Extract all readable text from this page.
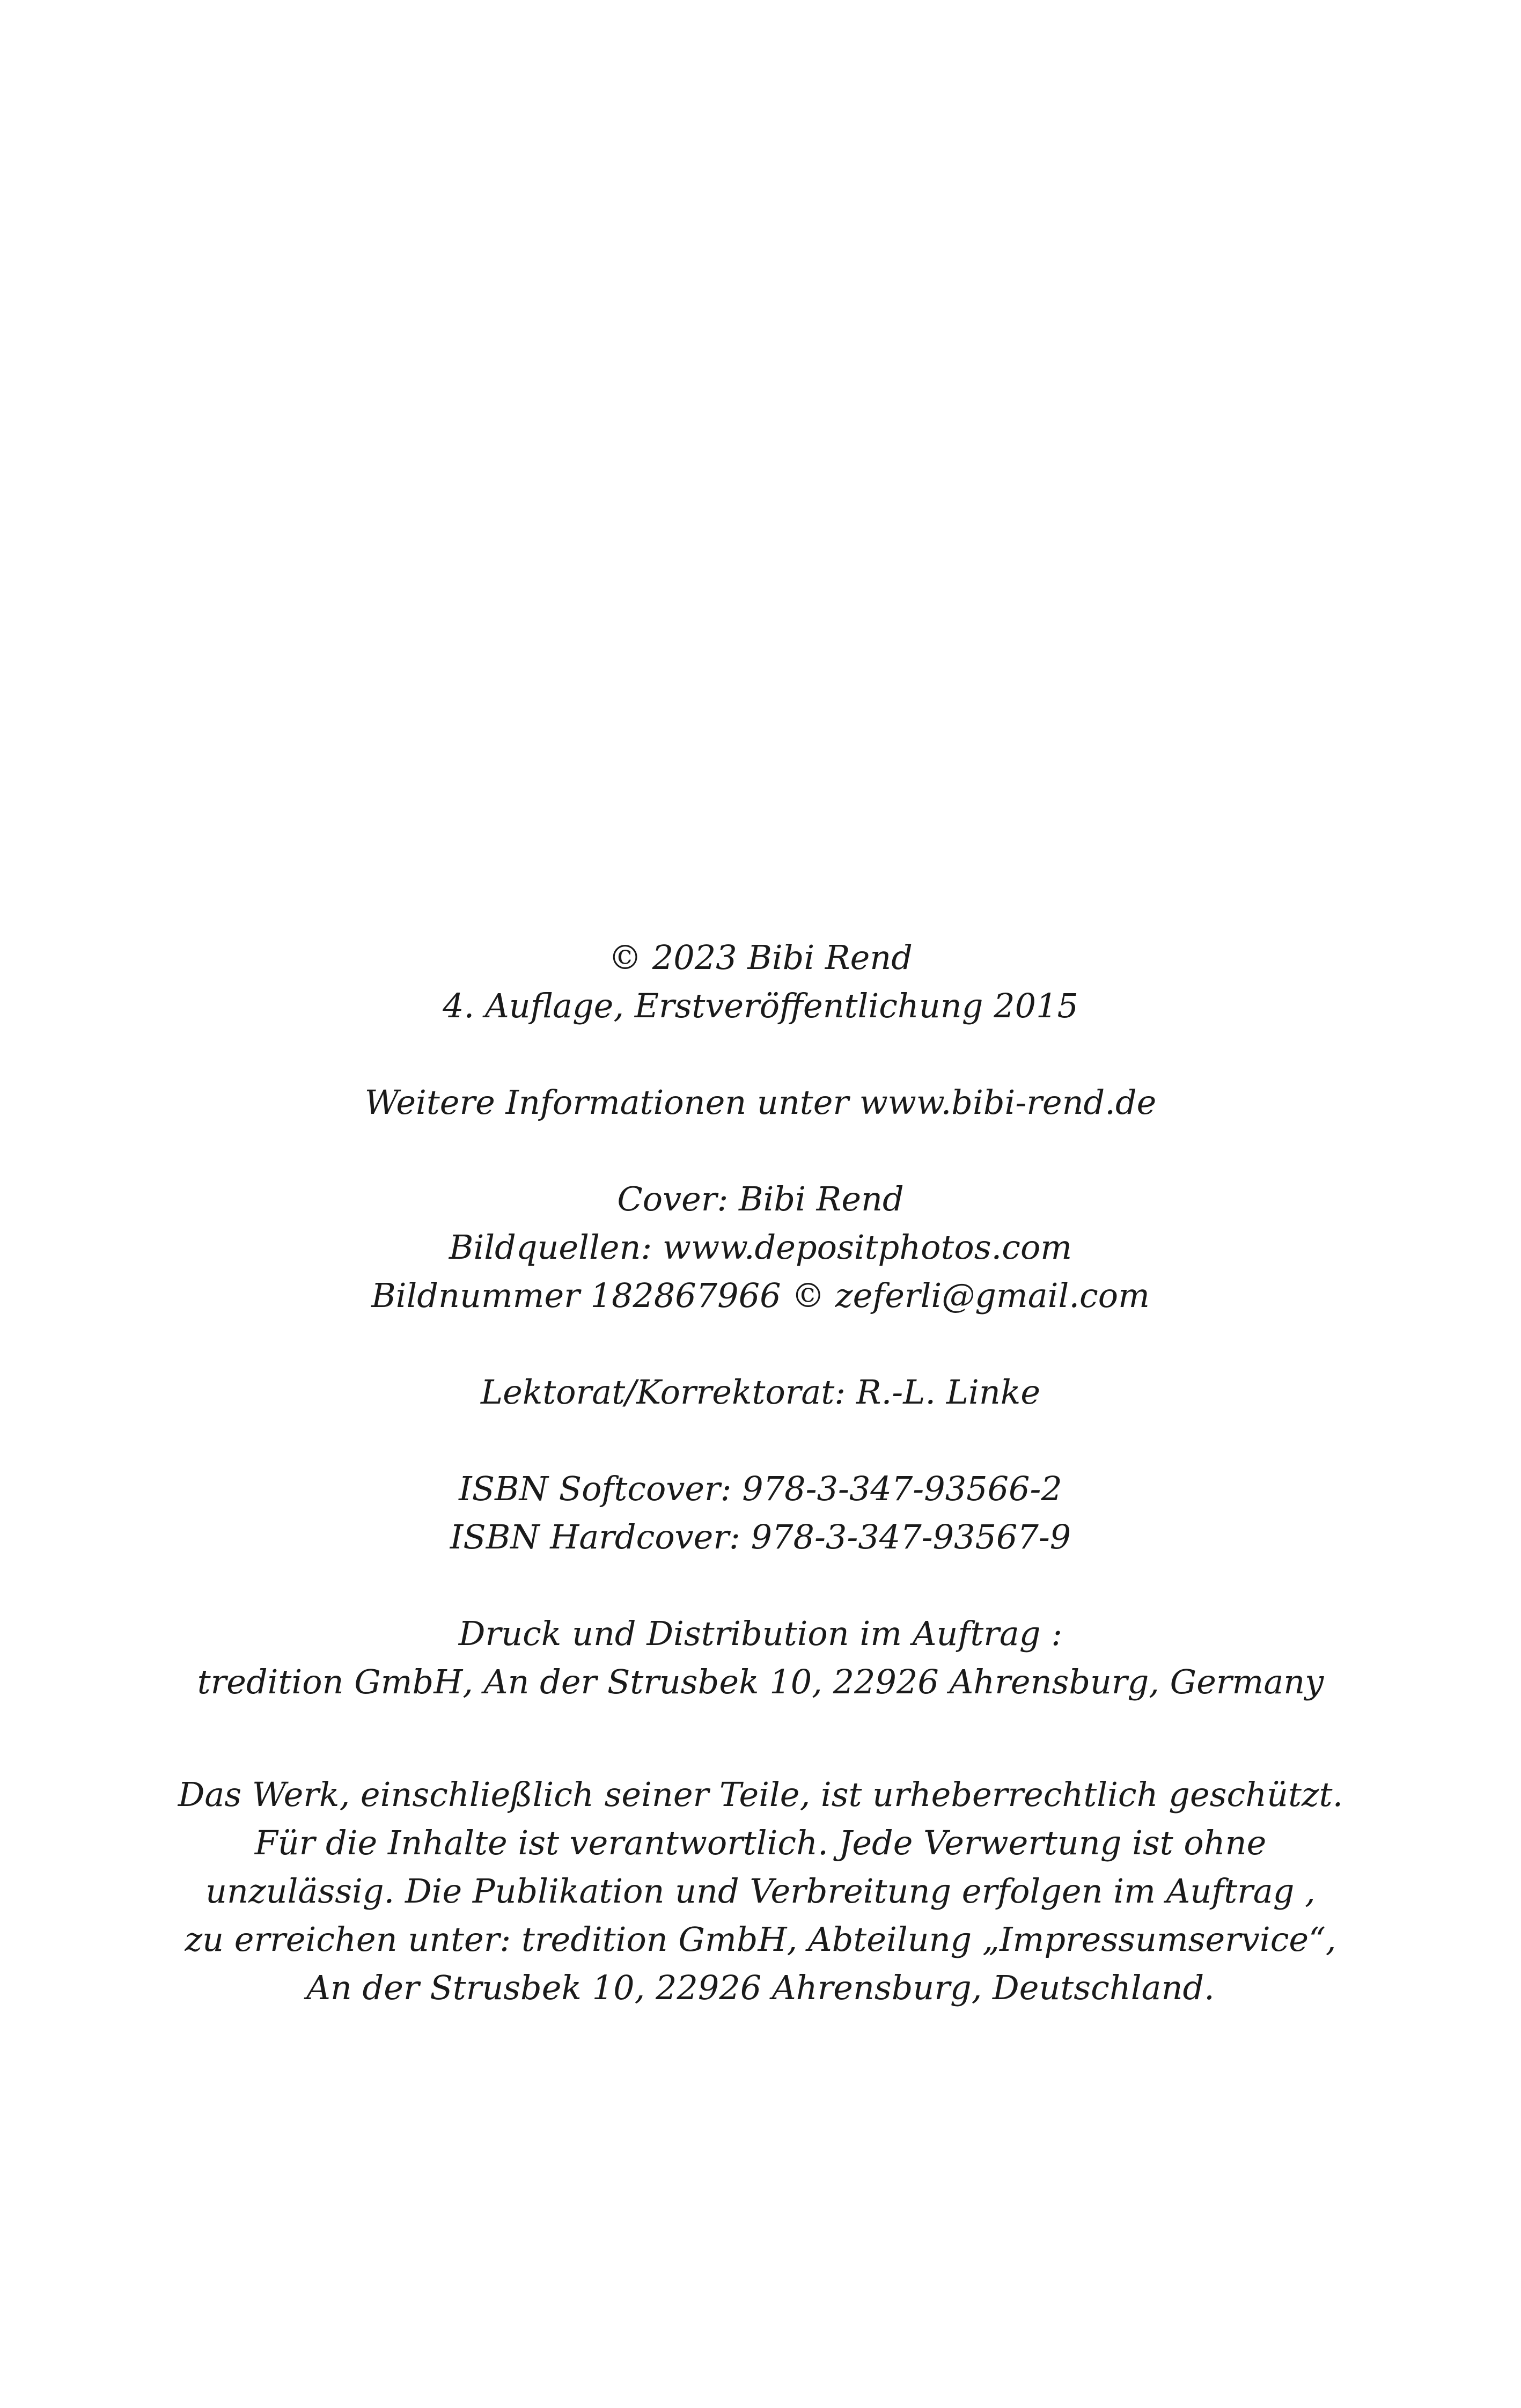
© 2023 Bibi Rend
4. Auflage, Erstveröffentlichung 2015

Weitere Informationen unter www.bibi-rend.de

Cover: Bibi Rend
Bildquellen: www.depositphotos.com
Bildnummer 182867966 © zeferli@gmail.com

Lektorat/Korrektorat: R.-L. Linke

ISBN Softcover: 978-3-347-93566-2
ISBN Hardcover: 978-3-347-93567-9

Druck und Distribution im Auftrag :
tredition GmbH, An der Strusbek 10, 22926 Ahrensburg, Germany

Das Werk, einschließlich seiner Teile, ist urheberrechtlich geschützt.
Für die Inhalte ist verantwortlich. Jede Verwertung ist ohne
unzulässig. Die Publikation und Verbreitung erfolgen im Auftrag ,
zu erreichen unter: tredition GmbH, Abteilung „Impressumservice“,
An der Strusbek 10, 22926 Ahrensburg, Deutschland.
